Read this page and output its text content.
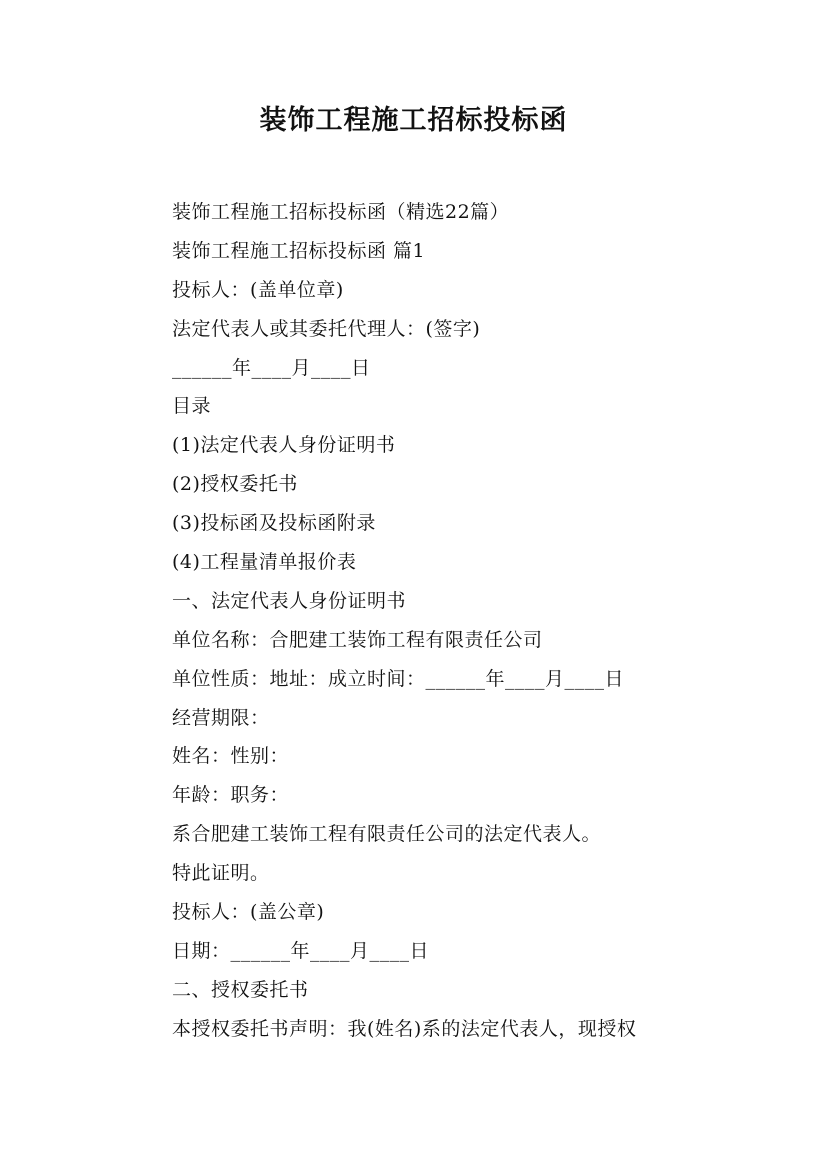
装饰工程施工招标投标函
装饰工程施工招标投标函（精选22篇）
装饰工程施工招标投标函 篇1
投标人：(盖单位章)
法定代表人或其委托代理人：(签字)
______年____月____日
目录
(1)法定代表人身份证明书
(2)授权委托书
(3)投标函及投标函附录
(4)工程量清单报价表
一、法定代表人身份证明书
单位名称：合肥建工装饰工程有限责任公司
单位性质：地址：成立时间：______年____月____日
经营期限：
姓名：性别：
年龄：职务：
系合肥建工装饰工程有限责任公司的法定代表人。
特此证明。
投标人：(盖公章)
日期：______年____月____日
二、授权委托书
本授权委托书声明：我(姓名)系的法定代表人，现授权
